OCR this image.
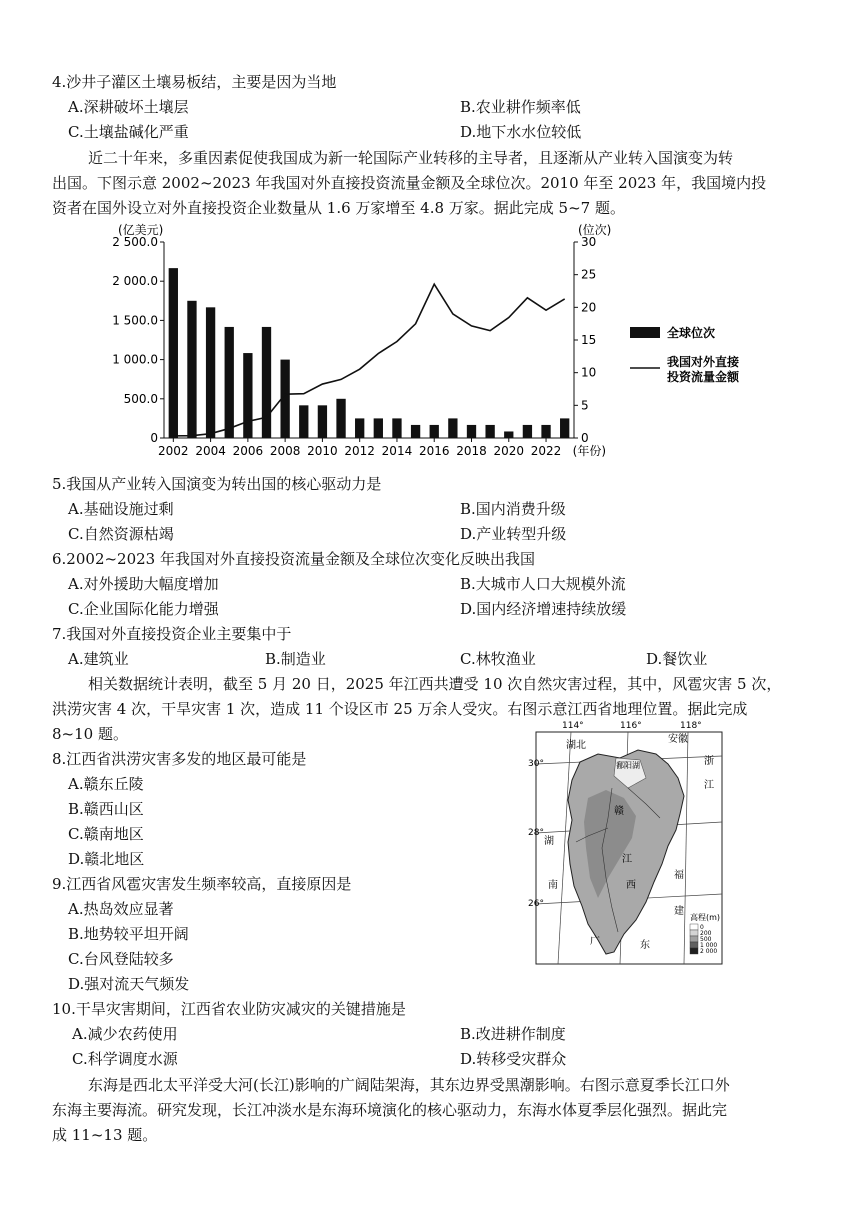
4.沙井子灌区土壤易板结，主要是因为当地
A.深耕破坏土壤层	B.农业耕作频率低
C.土壤盐碱化严重	D.地下水水位较低
近二十年来，多重因素促使我国成为新一轮国际产业转移的主导者，且逐渐从产业转入国演变为转
出国。下图示意 2002~2023 年我国对外直接投资流量金额及全球位次。2010 年至 2023 年，我国境内投
资者在国外设立对外直接投资企业数量从 1.6 万家增至 4.8 万家。据此完成 5~7 题。
(亿美元)	(位次)
0
500.0
1 000.0
1 500.0
2 000.0
2 500.0
0
5
10
15
20
25
30
2002 2004 2006 2008 2010 2012 2014 2016 2018 2020 2022 (年份)
全球位次
我国对外直接
投资流量金额
5.我国从产业转入国演变为转出国的核心驱动力是
A.基础设施过剩	B.国内消费升级
C.自然资源枯竭	D.产业转型升级
6.2002~2023 年我国对外直接投资流量金额及全球位次变化反映出我国
A.对外援助大幅度增加	B.大城市人口大规模外流
C.企业国际化能力增强	D.国内经济增速持续放缓
7.我国对外直接投资企业主要集中于
A.建筑业	B.制造业	C.林牧渔业	D.餐饮业
相关数据统计表明，截至 5 月 20 日，2025 年江西共遭受 10 次自然灾害过程，其中，风雹灾害 5 次，
洪涝灾害 4 次，干旱灾害 1 次，造成 11 个设区市 25 万余人受灾。右图示意江西省地理位置。据此完成
8~10 题。
8.江西省洪涝灾害多发的地区最可能是
A.赣东丘陵
B.赣西山区
C.赣南地区
D.赣北地区
9.江西省风雹灾害发生频率较高，直接原因是
A.热岛效应显著
B.地势较平坦开阔
C.台风登陆较多
D.强对流天气频发
114°	116°	118°
30°
28°
26°
湖北
安徽
浙
江
鄱阳湖
赣
湖
江
南
福
建
西
广	东
高程(m)
0
200
500
1 000
2 000
10.干旱灾害期间，江西省农业防灾减灾的关键措施是
A.减少农药使用	B.改进耕作制度
C.科学调度水源	D.转移受灾群众
东海是西北太平洋受大河(长江)影响的广阔陆架海，其东边界受黑潮影响。右图示意夏季长江口外
东海主要海流。研究发现，长江冲淡水是东海环境演化的核心驱动力，东海水体夏季层化强烈。据此完
成 11~13 题。
